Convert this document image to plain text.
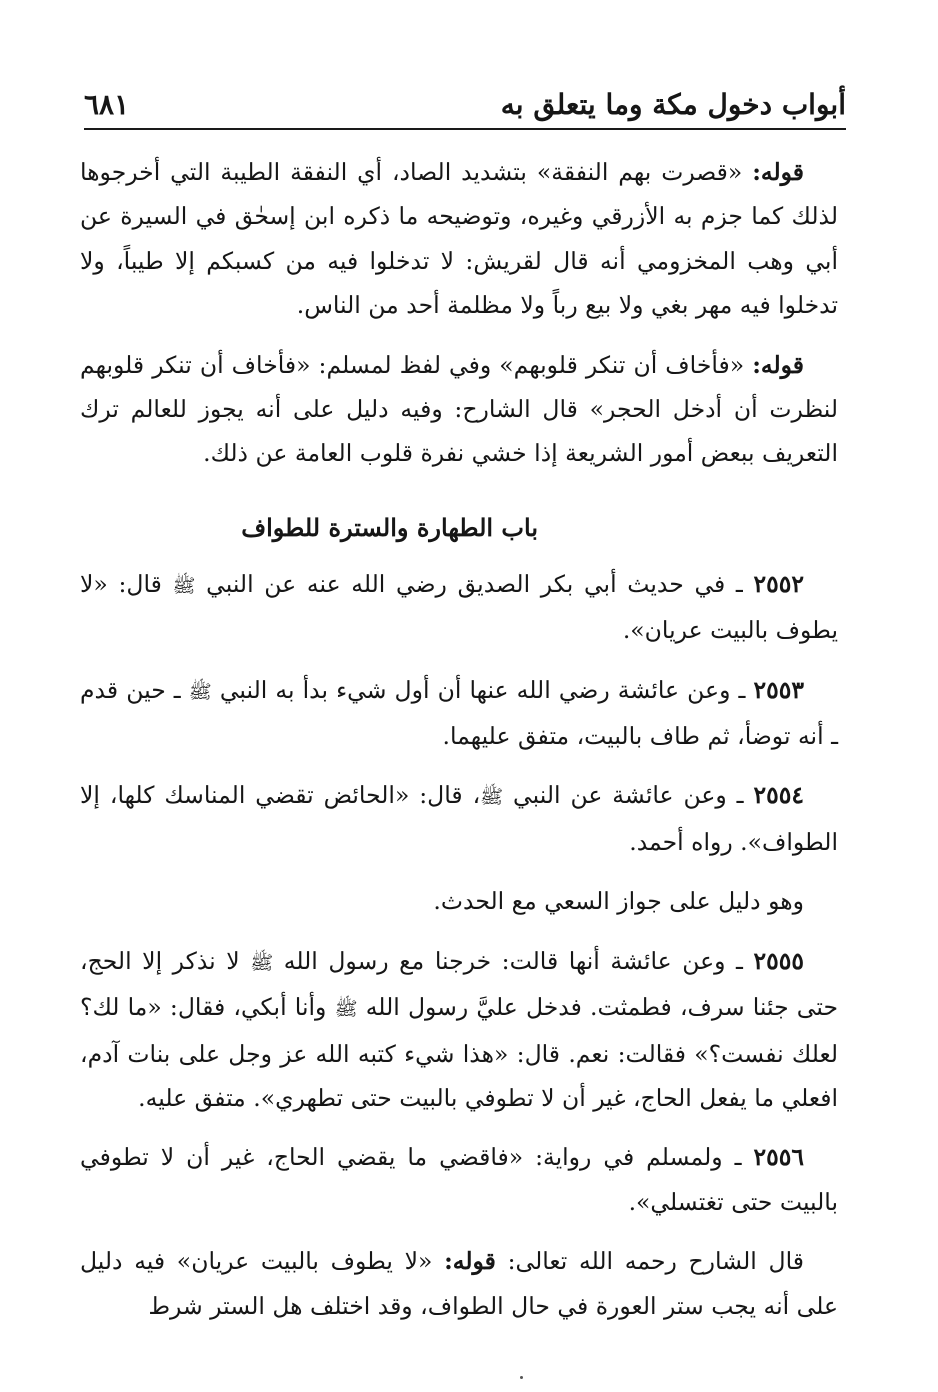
أبواب دخول مكة وما يتعلق به
٦٨١

قوله: «قصرت بهم النفقة» بتشديد الصاد، أي النفقة الطيبة التي أخرجوها لذلك كما جزم به الأزرقي وغيره، وتوضيحه ما ذكره ابن إسحٰق في السيرة عن أبي وهب المخزومي أنه قال لقريش: لا تدخلوا فيه من كسبكم إلا طيباً، ولا تدخلوا فيه مهر بغي ولا بيع رباً ولا مظلمة أحد من الناس.

قوله: «فأخاف أن تنكر قلوبهم» وفي لفظ لمسلم: «فأخاف أن تنكر قلوبهم لنظرت أن أدخل الحجر» قال الشارح: وفيه دليل على أنه يجوز للعالم ترك التعريف ببعض أمور الشريعة إذا خشي نفرة قلوب العامة عن ذلك.

باب الطهارة والسترة للطواف

٢٥٥٢ ـ في حديث أبي بكر الصديق رضي الله عنه عن النبي ﷺ قال: «لا يطوف بالبيت عريان».

٢٥٥٣ ـ وعن عائشة رضي الله عنها أن أول شيء بدأ به النبي ﷺ ـ حين قدم ـ أنه توضأ، ثم طاف بالبيت، متفق عليهما.

٢٥٥٤ ـ وعن عائشة عن النبي ﷺ، قال: «الحائض تقضي المناسك كلها، إلا الطواف». رواه أحمد.

وهو دليل على جواز السعي مع الحدث.

٢٥٥٥ ـ وعن عائشة أنها قالت: خرجنا مع رسول الله ﷺ لا نذكر إلا الحج، حتى جئنا سرف، فطمثت. فدخل عليَّ رسول الله ﷺ وأنا أبكي، فقال: «ما لك؟ لعلك نفست؟» فقالت: نعم. قال: «هذا شيء كتبه الله عز وجل على بنات آدم، افعلي ما يفعل الحاج، غير أن لا تطوفي بالبيت حتى تطهري». متفق عليه.

٢٥٥٦ ـ ولمسلم في رواية: «فاقضي ما يقضي الحاج، غير أن لا تطوفي بالبيت حتى تغتسلي».

قال الشارح رحمه الله تعالى: قوله: «لا يطوف بالبيت عريان» فيه دليل على أنه يجب ستر العورة في حال الطواف، وقد اختلف هل الستر شرط
